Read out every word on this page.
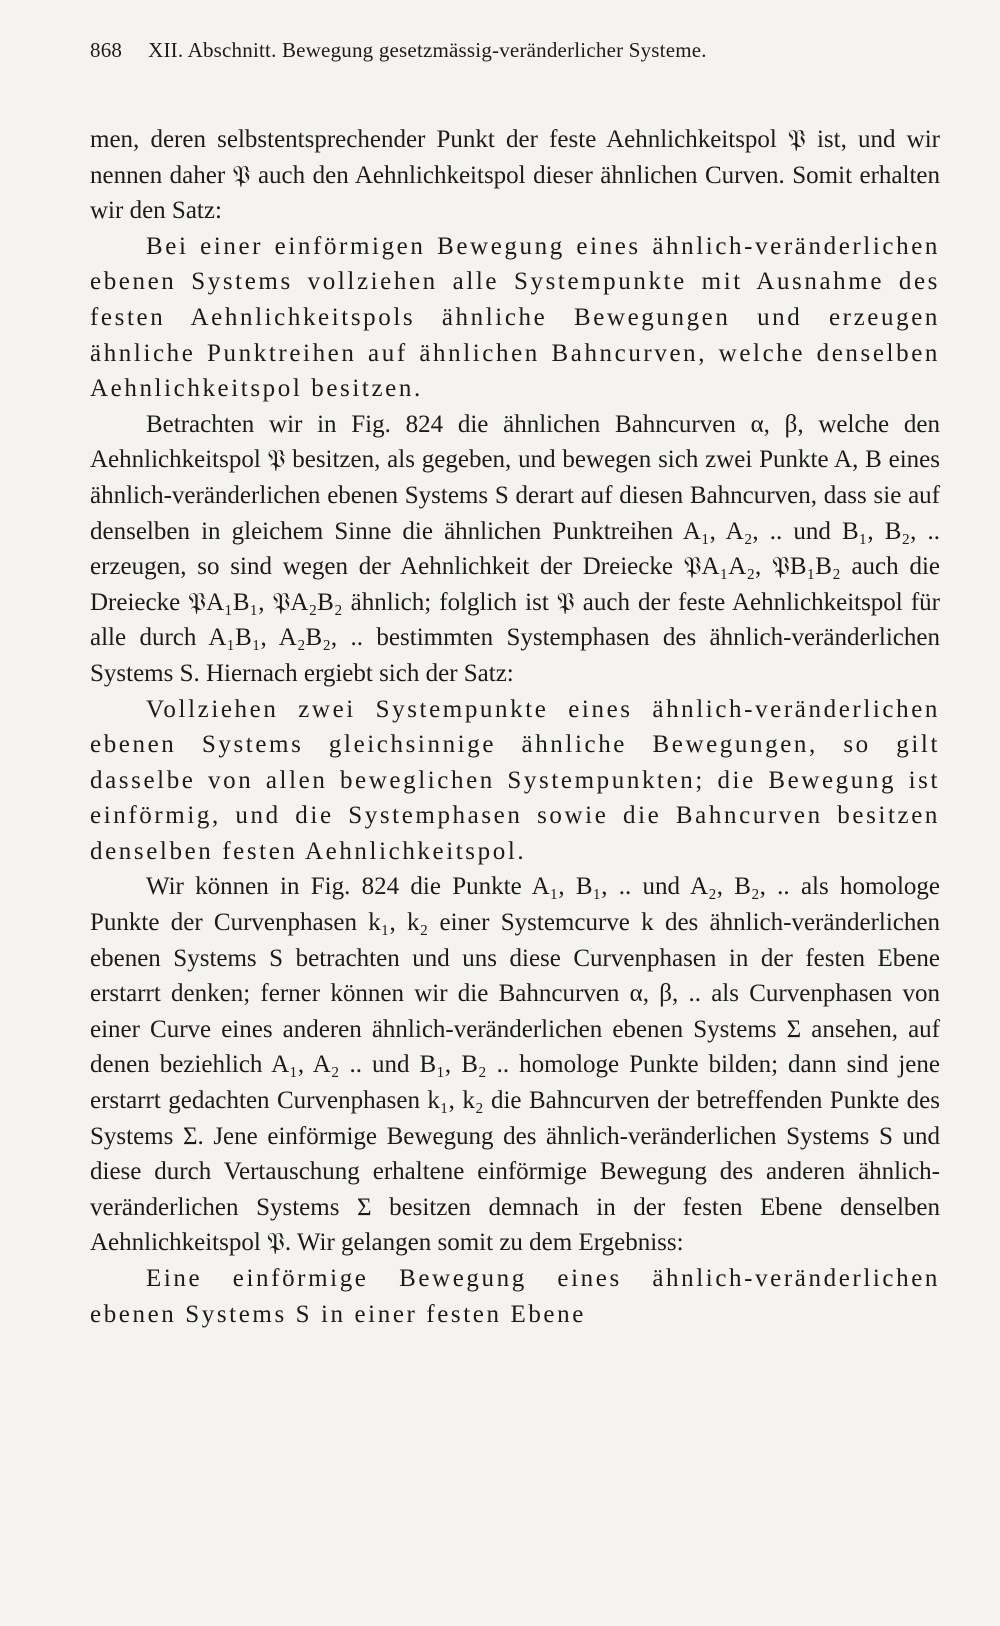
868 XII. Abschnitt. Bewegung gesetzmässig-veränderlicher Systeme.

men, deren selbstentsprechender Punkt der feste Aehnlichkeitspol 𝔓 ist, und wir nennen daher 𝔓 auch den Aehnlichkeitspol dieser ähnlichen Curven. Somit erhalten wir den Satz:

Bei einer einförmigen Bewegung eines ähnlich-veränderlichen ebenen Systems vollziehen alle Systempunkte mit Ausnahme des festen Aehnlichkeitspols ähnliche Bewegungen und erzeugen ähnliche Punktreihen auf ähnlichen Bahncurven, welche denselben Aehnlichkeitspol besitzen.

Betrachten wir in Fig. 824 die ähnlichen Bahncurven α, β, welche den Aehnlichkeitspol 𝔓 besitzen, als gegeben, und bewegen sich zwei Punkte A, B eines ähnlich-veränderlichen ebenen Systems S derart auf diesen Bahncurven, dass sie auf denselben in gleichem Sinne die ähnlichen Punktreihen A₁, A₂, .. und B₁, B₂, .. erzeugen, so sind wegen der Aehnlichkeit der Dreiecke 𝔓A₁A₂, 𝔓B₁B₂ auch die Dreiecke 𝔓A₁B₁, 𝔓A₂B₂ ähnlich; folglich ist 𝔓 auch der feste Aehnlichkeitspol für alle durch A₁B₁, A₂B₂, .. bestimmten Systemphasen des ähnlich-veränderlichen Systems S. Hiernach ergiebt sich der Satz:

Vollziehen zwei Systempunkte eines ähnlich-veränderlichen ebenen Systems gleichsinnige ähnliche Bewegungen, so gilt dasselbe von allen beweglichen Systempunkten; die Bewegung ist einförmig, und die Systemphasen sowie die Bahncurven besitzen denselben festen Aehnlichkeitspol.

Wir können in Fig. 824 die Punkte A₁, B₁, .. und A₂, B₂, .. als homologe Punkte der Curvenphasen k₁, k₂ einer Systemcurve k des ähnlich-veränderlichen ebenen Systems S betrachten und uns diese Curvenphasen in der festen Ebene erstarrt denken; ferner können wir die Bahncurven α, β, .. als Curvenphasen von einer Curve eines anderen ähnlich-veränderlichen ebenen Systems Σ ansehen, auf denen beziehlich A₁, A₂ .. und B₁, B₂ .. homologe Punkte bilden; dann sind jene erstarrt gedachten Curvenphasen k₁, k₂ die Bahncurven der betreffenden Punkte des Systems Σ. Jene einförmige Bewegung des ähnlich-veränderlichen Systems S und diese durch Vertauschung erhaltene einförmige Bewegung des anderen ähnlich-veränderlichen Systems Σ besitzen demnach in der festen Ebene denselben Aehnlichkeitspol 𝔓. Wir gelangen somit zu dem Ergebniss:

Eine einförmige Bewegung eines ähnlich-veränderlichen ebenen Systems S in einer festen Ebene
